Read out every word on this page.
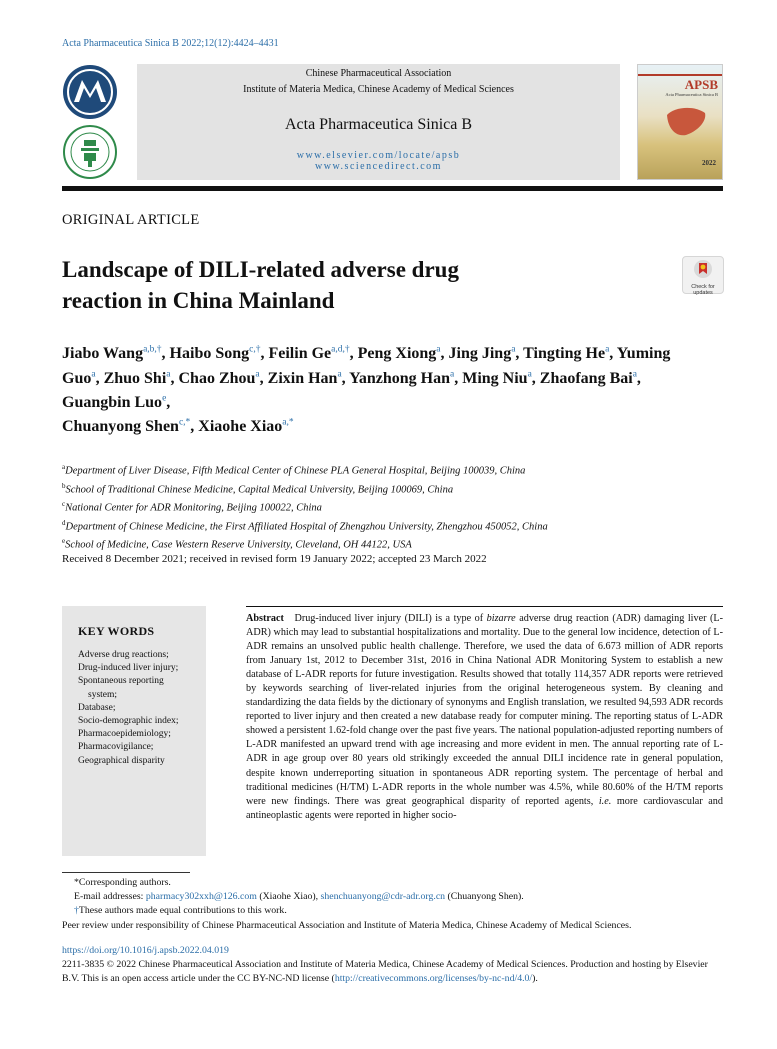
Acta Pharmaceutica Sinica B 2022;12(12):4424–4431
Chinese Pharmaceutical Association
Institute of Materia Medica, Chinese Academy of Medical Sciences
Acta Pharmaceutica Sinica B
www.elsevier.com/locate/apsb
www.sciencedirect.com
APSB
Acta Pharmaceutica Sinica B
2022
ORIGINAL ARTICLE
Landscape of DILI-related adverse drug
reaction in China Mainland
Check for
updates
Jiabo Wang$^{a,b,\dagger}$, Haibo Song$^{c,\dagger}$, Feilin $Ge^{a,d,\dagger}$, Peng Xiong$^a$, Jing Jing$^a$, Tingting He$^a$, Yuming Guo$^a$, Zhuo Shi$^a$, Chao Zhou$^a$, Zixin Han$^a$, Yanzhong Han$^a$, Ming Niu$^a$, Zhaofang Bai$^a$, Guangbin Luo$^e$,
Chuanyong Shen$^{c,*}$, Xiaohe Xiao$^{a,*}$
$^a$Department of Liver Disease, Fifth Medical Center of Chinese PLA General Hospital, Beijing 100039, China
$^b$School of Traditional Chinese Medicine, Capital Medical University, Beijing 100069, China
$^c$National Center for ADR Monitoring, Beijing 100022, China
$^d$Department of Chinese Medicine, the First Affiliated Hospital of Zhengzhou University, Zhengzhou 450052, China
$^e$School of Medicine, Case Western Reserve University, Cleveland, OH 44122, USA
Received 8 December 2021; received in revised form 19 January 2022; accepted 23 March 2022
KEY WORDS
Adverse drug reactions;
Drug-induced liver injury;
Spontaneous reporting
system;
Database;
Socio-demographic index;
Pharmacoepidemiology;
Pharmacovigilance;
Geographical disparity
Abstract Drug-induced liver injury (DILI) is a type of bizarre adverse drug reaction (ADR) damaging liver (L-ADR) which may lead to substantial hospitalizations and mortality. Due to the general low incidence, detection of L-ADR remains an unsolved public health challenge. Therefore, we used the data of 6.673 million of ADR reports from January 1st, 2012 to December 31st, 2016 in China National ADR Monitoring System to establish a new database of L-ADR reports for future investigation. Results showed that totally 114,357 ADR reports were retrieved by keywords searching of liver-related injuries from the original heterogeneous system. By cleaning and standardizing the data fields by the dictionary of synonyms and English translation, we resulted 94,593 ADR records reported to liver injury and then created a new database ready for computer mining. The reporting status of L-ADR showed a persistent 1.62-fold change over the past five years. The national population-adjusted reporting numbers of L-ADR manifested an upward trend with age increasing and more evident in men. The annual reporting rate of L-ADR in age group over 80 years old strikingly exceeded the annual DILI incidence rate in general population, despite known underreporting situation in spontaneous ADR reporting system. The percentage of herbal and traditional medicines (H/TM) L-ADR reports in the whole number was 4.5%, while 80.60% of the H/TM reports were new findings. There was great geographical disparity of reported agents, i.e. more cardiovascular and antineoplastic agents were reported in higher socio-
*Corresponding authors.
E-mail addresses: pharmacy302xxh@126.com (Xiaohe Xiao), shenchuanyong@cdr-adr.org.cn (Chuanyong Shen).
†These authors made equal contributions to this work.
Peer review under responsibility of Chinese Pharmaceutical Association and Institute of Materia Medica, Chinese Academy of Medical Sciences.
https://doi.org/10.1016/j.apsb.2022.04.019
2211-3835 © 2022 Chinese Pharmaceutical Association and Institute of Materia Medica, Chinese Academy of Medical Sciences. Production and hosting by Elsevier B.V. This is an open access article under the CC BY-NC-ND license (http://creativecommons.org/licenses/by-nc-nd/4.0/).
